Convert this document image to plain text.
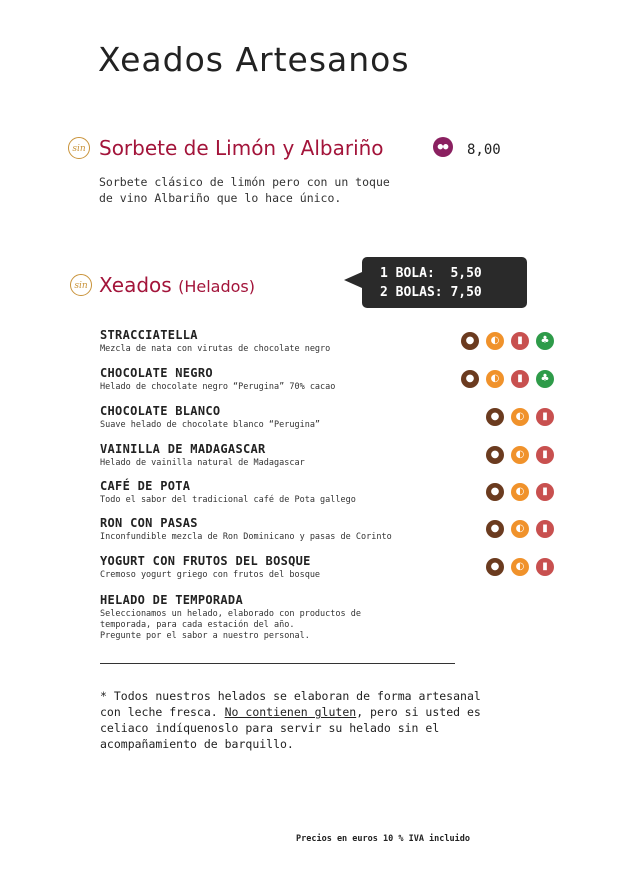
Xeados Artesanos
sin Sorbete de Limón y Albariño	●●	8,00
Sorbete clásico de limón pero con un toque
de vino Albariño que lo hace único.
sin Xeados (Helados)
1 BOLA: 5,50
2 BOLAS: 7,50
STRACCIATELLA
Mezcla de nata con virutas de chocolate negro
●	◐	▮	♣
CHOCOLATE NEGRO
Helado de chocolate negro “Perugina” 70% cacao
●	◐	▮	♣
CHOCOLATE BLANCO
Suave helado de chocolate blanco “Perugina”
●	◐	▮
VAINILLA DE MADAGASCAR
Helado de vainilla natural de Madagascar
●	◐	▮
CAFÉ DE POTA
Todo el sabor del tradicional café de Pota gallego
●	◐	▮
RON CON PASAS
Inconfundible mezcla de Ron Dominicano y pasas de Corinto
●	◐	▮
YOGURT CON FRUTOS DEL BOSQUE
Cremoso yogurt griego con frutos del bosque
●	◐	▮
HELADO DE TEMPORADA
Seleccionamos un helado, elaborado con productos de
temporada, para cada estación del año.
Pregunte por el sabor a nuestro personal.
* Todos nuestros helados se elaboran de forma artesanal
con leche fresca. No contienen gluten, pero si usted es
celiaco indíquenoslo para servir su helado sin el
acompañamiento de barquillo.
Precios en euros 10 % IVA incluido
